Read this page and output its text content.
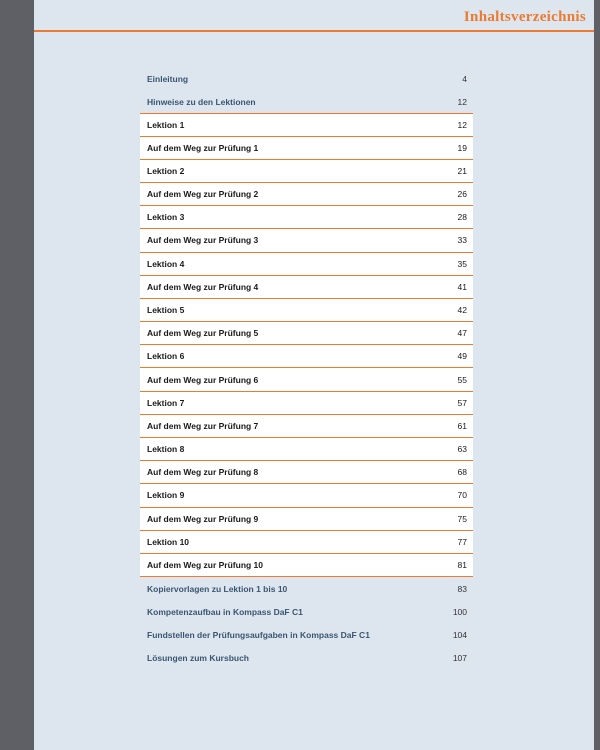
Inhaltsverzeichnis
Einleitung	4
Hinweise zu den Lektionen	12
Lektion 1	12
Auf dem Weg zur Prüfung 1	19
Lektion 2	21
Auf dem Weg zur Prüfung 2	26
Lektion 3	28
Auf dem Weg zur Prüfung 3	33
Lektion 4	35
Auf dem Weg zur Prüfung 4	41
Lektion 5	42
Auf dem Weg zur Prüfung 5	47
Lektion 6	49
Auf dem Weg zur Prüfung 6	55
Lektion 7	57
Auf dem Weg zur Prüfung 7	61
Lektion 8	63
Auf dem Weg zur Prüfung 8	68
Lektion 9	70
Auf dem Weg zur Prüfung 9	75
Lektion 10	77
Auf dem Weg zur Prüfung 10	81
Kopiervorlagen zu Lektion 1 bis 10	83
Kompetenzaufbau in Kompass DaF C1	100
Fundstellen der Prüfungsaufgaben in Kompass DaF C1	104
Lösungen zum Kursbuch	107
